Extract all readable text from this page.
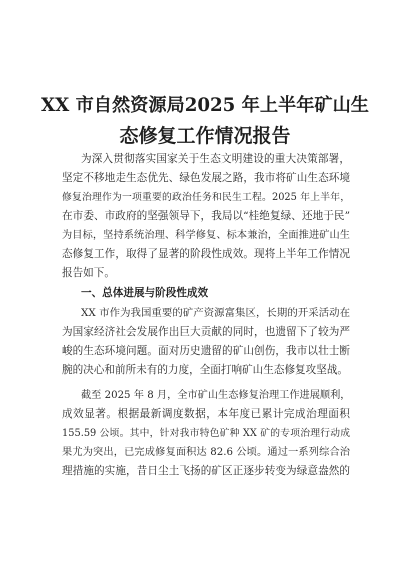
XX 市自然资源局2025 年上半年矿山生
态修复工作情况报告
为深入贯彻落实国家关于生态文明建设的重大决策部署，
坚定不移地走生态优先、绿色发展之路，我市将矿山生态环境
修复治理作为一项重要的政治任务和民生工程。2025 年上半年，
在市委、市政府的坚强领导下，我局以“桂绝复绿、还地于民”
为目标，坚持系统治理、科学修复、标本兼治，全面推进矿山生
态修复工作，取得了显著的阶段性成效。现将上半年工作情况
报告如下。
一、总体进展与阶段性成效
XX 市作为我国重要的矿产资源富集区，长期的开采活动在
为国家经济社会发展作出巨大贡献的同时，也遗留下了较为严
峻的生态环境问题。面对历史遗留的矿山创伤，我市以壮士断
腕的决心和前所未有的力度，全面打响矿山生态修复攻坚战。
截至 2025 年 8 月，全市矿山生态修复治理工作进展顺利，
成效显著。根据最新调度数据，本年度已累计完成治理面积
155.59 公顷。其中，针对我市特色矿种 XX 矿的专项治理行动成
果尤为突出，已完成修复面积达 82.6 公顷。通过一系列综合治
理措施的实施，昔日尘土飞扬的矿区正逐步转变为绿意盎然的
